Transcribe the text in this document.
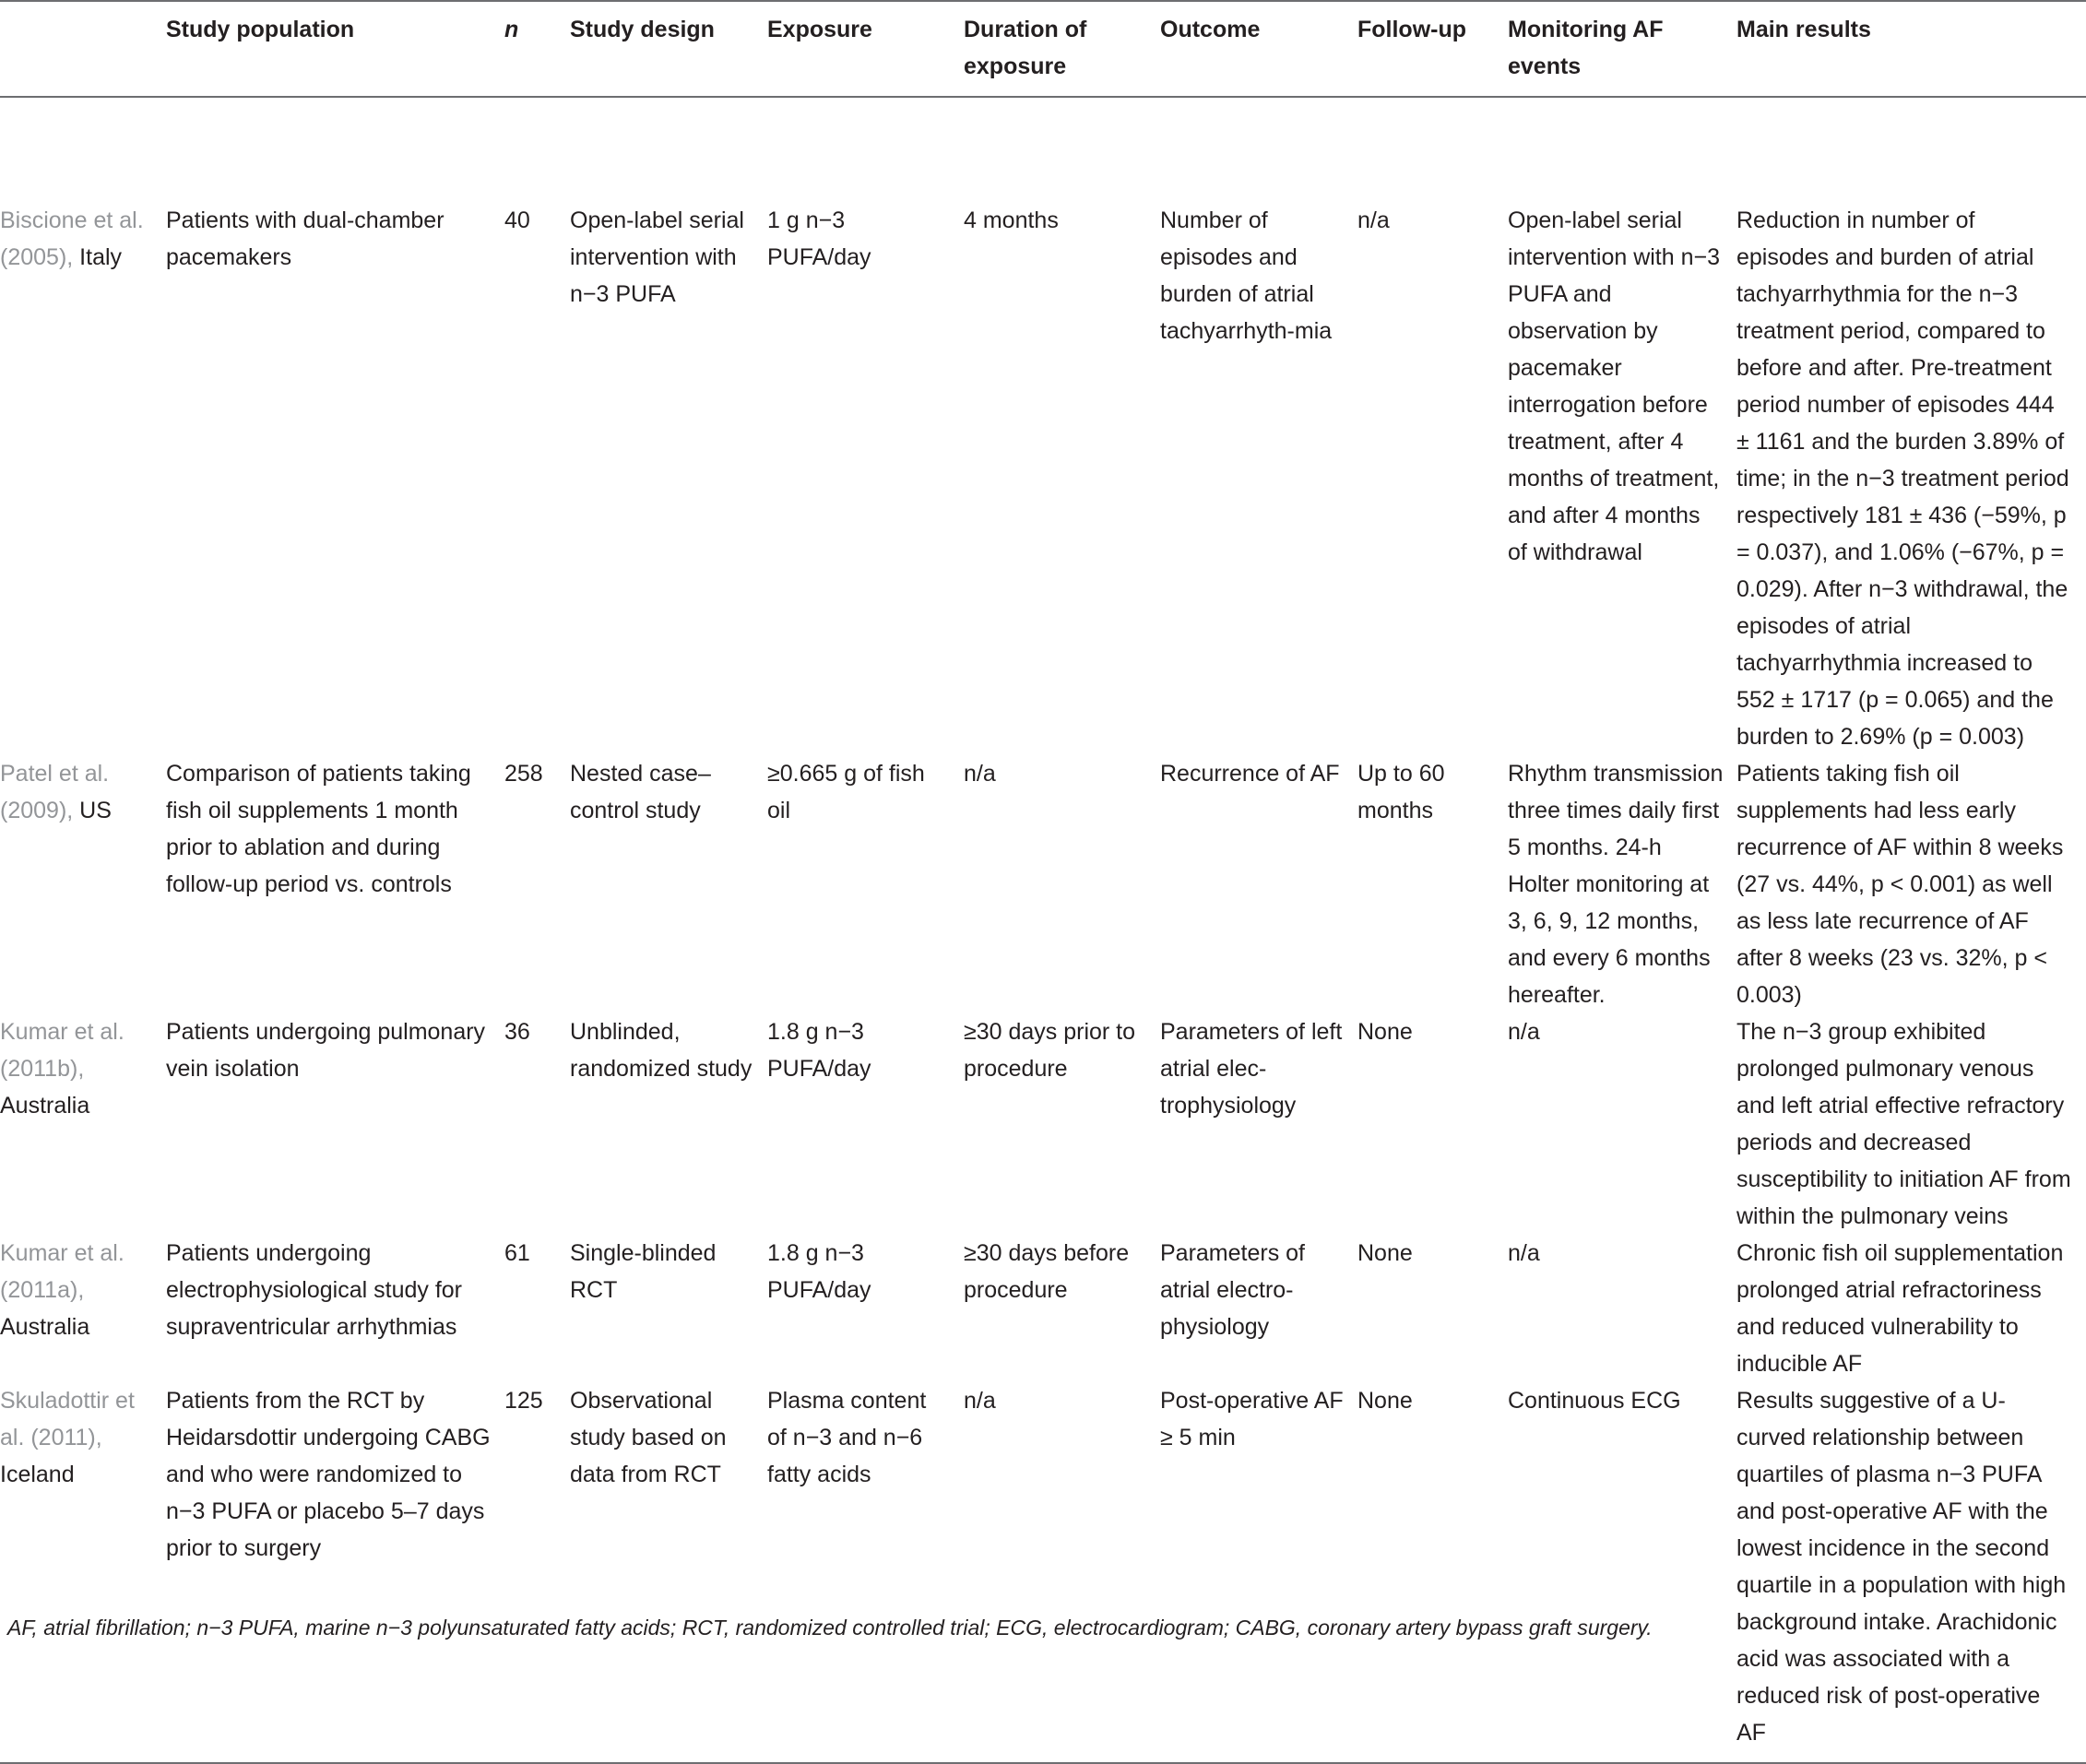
	Study population	n	Study design	Exposure	Duration of exposure	Outcome	Follow-up	Monitoring AF events	Main results
Biscione et al. (2005), Italy	Patients with dual-chamber pacemakers	40	Open-label serial intervention with n−3 PUFA	1 g n−3 PUFA/day	4 months	Number of episodes and burden of atrial tachyarrhyth-mia	n/a	Open-label serial intervention with n−3 PUFA and observation by pacemaker interrogation before treatment, after 4 months of treatment, and after 4 months of withdrawal	Reduction in number of episodes and burden of atrial tachyarrhythmia for the n−3 treatment period, compared to before and after. Pre-treatment period number of episodes 444 ± 1161 and the burden 3.89% of time; in the n−3 treatment period respectively 181 ± 436 (−59%, p = 0.037), and 1.06% (−67%, p = 0.029). After n−3 withdrawal, the episodes of atrial tachyarrhythmia increased to 552 ± 1717 (p = 0.065) and the burden to 2.69% (p = 0.003)
Patel et al. (2009), US	Comparison of patients taking fish oil supplements 1 month prior to ablation and during follow-up period vs. controls	258	Nested case–control study	≥0.665 g of fish oil	n/a	Recurrence of AF	Up to 60 months	Rhythm transmission three times daily first 5 months. 24-h Holter monitoring at 3, 6, 9, 12 months, and every 6 months hereafter.	Patients taking fish oil supplements had less early recurrence of AF within 8 weeks (27 vs. 44%, p < 0.001) as well as less late recurrence of AF after 8 weeks (23 vs. 32%, p < 0.003)
Kumar et al. (2011b), Australia	Patients undergoing pulmonary vein isolation	36	Unblinded, randomized study	1.8 g n−3 PUFA/day	≥30 days prior to procedure	Parameters of left atrial elec-trophysiology	None	n/a	The n−3 group exhibited prolonged pulmonary venous and left atrial effective refractory periods and decreased susceptibility to initiation AF from within the pulmonary veins
Kumar et al. (2011a), Australia	Patients undergoing electrophysiological study for supraventricular arrhythmias	61	Single-blinded RCT	1.8 g n−3 PUFA/day	≥30 days before procedure	Parameters of atrial electro-physiology	None	n/a	Chronic fish oil supplementation prolonged atrial refractoriness and reduced vulnerability to inducible AF
Skuladottir et al. (2011), Iceland	Patients from the RCT by Heidarsdottir undergoing CABG and who were randomized to n−3 PUFA or placebo 5–7 days prior to surgery	125	Observational study based on data from RCT	Plasma content of n−3 and n−6 fatty acids	n/a	Post-operative AF ≥ 5 min	None	Continuous ECG	Results suggestive of a U-curved relationship between quartiles of plasma n−3 PUFA and post-operative AF with the lowest incidence in the second quartile in a population with high background intake. Arachidonic acid was associated with a reduced risk of post-operative AF
AF, atrial fibrillation; n−3 PUFA, marine n−3 polyunsaturated fatty acids; RCT, randomized controlled trial; ECG, electrocardiogram; CABG, coronary artery bypass graft surgery.
